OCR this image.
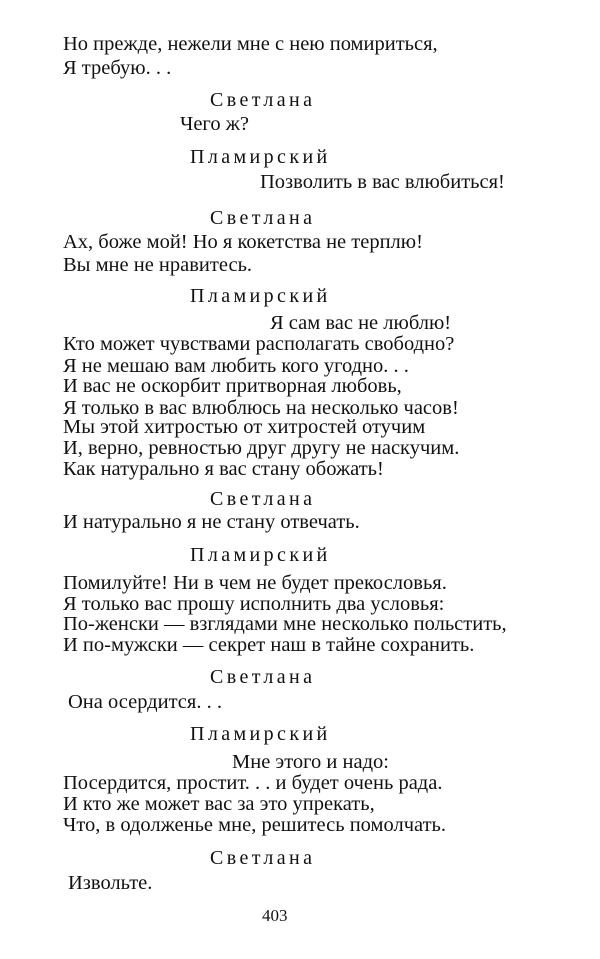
Но прежде, нежели мне с нею помириться,
Я требую. . .
Светлана
Чего ж?
Пламирский
Позволить в вас влюбиться!
Светлана
Ах, боже мой! Но я кокетства не терплю!
Вы мне не нравитесь.
Пламирский
Я сам вас не люблю!
Кто может чувствами располагать свободно?
Я не мешаю вам любить кого угодно. . .
И вас не оскорбит притворная любовь,
Я только в вас влюблюсь на несколько часов!
Мы этой хитростью от хитростей отучим
И, верно, ревностью друг другу не наскучим.
Как натурально я вас стану обожать!
Светлана
И натурально я не стану отвечать.
Пламирский
Помилуйте! Ни в чем не будет прекословья.
Я только вас прошу исполнить два условья:
По-женски — взглядами мне несколько польстить,
И по-мужски — секрет наш в тайне сохранить.
Светлана
Она осердится. . .
Пламирский
Мне этого и надо:
Посердится, простит. . . и будет очень рада.
И кто же может вас за это упрекать,
Что, в одолженье мне, решитесь помолчать.
Светлана
Извольте.
403
